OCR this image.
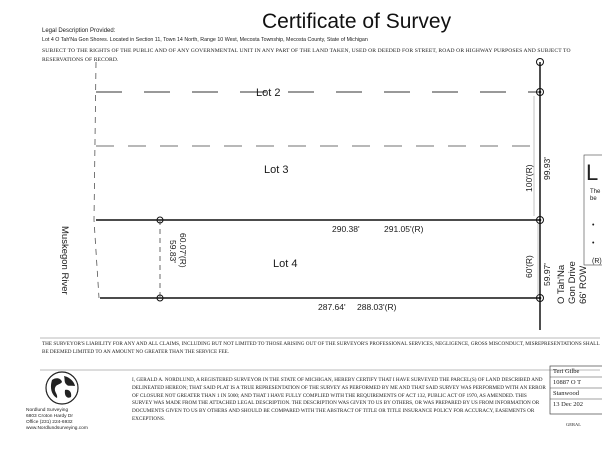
Certificate of Survey
Legal Description Provided:
Lot 4 O Tah'Na Gon Shores. Located in Section 11, Town 14 North, Range 10 West, Mecosta Township, Mecosta County, State of Michigan
SUBJECT TO THE RIGHTS OF THE PUBLIC AND OF ANY GOVERNMENTAL UNIT IN ANY PART OF THE LAND TAKEN, USED OR DEEDED FOR STREET, ROAD OR HIGHWAY PURPOSES AND SUBJECT TO RESERVATIONS OF RECORD.
Lot 2
Lot 3
Lot 4
290.38'	291.05'(R)
287.64' 288.03'(R)
60.07'(R)
59.83'
60'(R) 59.97'
100'(R) 99.93'
Muskegon River	O Tah'Na Gon Drive 66' ROW
L
The
be
•
•
(R)
THE SURVEYOR'S LIABILITY FOR ANY AND ALL CLAIMS, INCLUDING BUT NOT LIMITED TO THOSE ARISING OUT OF THE SURVEYOR'S PROFESSIONAL SERVICES, NEGLIGENCE, GROSS MISCONDUCT, MISREPRESENTATIONS SHALL BE DEEMED LIMITED TO AN AMOUNT NO GREATER THAN THE SERVICE FEE.
Nordlund Surveying
6803 Croton Hardy Dr
Office (231) 224-6932
www.Nordlundsurveying.com
I, GERALD A. NORDLUND, A REGISTERED SURVEYOR IN THE STATE OF MICHIGAN, HEREBY CERTIFY THAT I HAVE SURVEYED THE PARCEL(S) OF LAND DESCRIBED AND DELINEATED HEREON; THAT SAID PLAT IS A TRUE REPRESENTATION OF THE SURVEY AS PERFORMED BY ME AND THAT SAID SURVEY WAS PERFORMED WITH AN ERROR OF CLOSURE NOT GREATER THAN 1 IN 5000; AND THAT I HAVE FULLY COMPLIED WITH THE REQUIREMENTS OF ACT 132, PUBLIC ACT OF 1970, AS AMENDED. THIS SURVEY WAS MADE FROM THE ATTACHED LEGAL DESCRIPTION. THE DESCRIPTION WAS GIVEN TO US BY OTHERS, OR WAS PREPARED BY US FROM INFORMATION OR DOCUMENTS GIVEN TO US BY OTHERS AND SHOULD BE COMPARED WITH THE ABSTRACT OF TITLE OR TITLE INSURANCE POLICY FOR ACCURACY, EASEMENTS OR EXCEPTIONS.
Teri Gilbe
10887 O T
Stanwood
13 Dec 202
GERAL
